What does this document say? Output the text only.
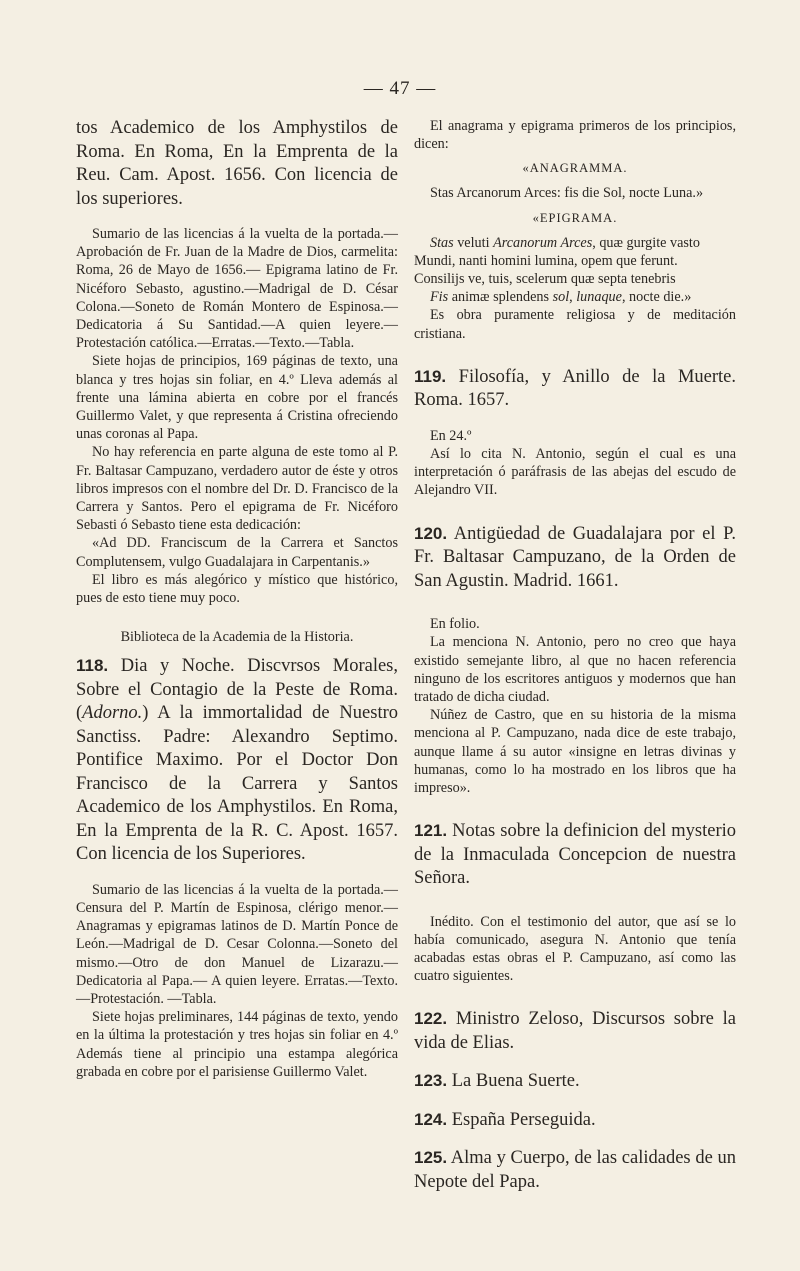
— 47 —

tos Academico de los Amphystilos de Roma. En Roma, En la Emprenta de la Reu. Cam. Apost. 1656. Con licencia de los superiores.

Sumario de las licencias á la vuelta de la portada.—Aprobación de Fr. Juan de la Madre de Dios, carmelita: Roma, 26 de Mayo de 1656.— Epigrama latino de Fr. Nicéforo Sebasto, agustino.—Madrigal de D. César Colona.—Soneto de Román Montero de Espinosa.—Dedicatoria á Su Santidad.—A quien leyere.—Protestación católica.—Erratas.—Texto.—Tabla.

Siete hojas de principios, 169 páginas de texto, una blanca y tres hojas sin foliar, en 4.º Lleva además al frente una lámina abierta en cobre por el francés Guillermo Valet, y que representa á Cristina ofreciendo unas coronas al Papa.

No hay referencia en parte alguna de este tomo al P. Fr. Baltasar Campuzano, verdadero autor de éste y otros libros impresos con el nombre del Dr. D. Francisco de la Carrera y Santos. Pero el epigrama de Fr. Nicéforo Sebasti ó Sebasto tiene esta dedicación:

«Ad DD. Franciscum de la Carrera et Sanctos Complutensem, vulgo Guadalajara in Carpentanis.»

El libro es más alegórico y místico que histórico, pues de esto tiene muy poco.

Biblioteca de la Academia de la Historia.

118. Dia y Noche. Discvrsos Morales, Sobre el Contagio de la Peste de Roma. (Adorno.) A la immortalidad de Nuestro Sanctiss. Padre: Alexandro Septimo. Pontifice Maximo. Por el Doctor Don Francisco de la Carrera y Santos Academico de los Amphystilos. En Roma, En la Emprenta de la R. C. Apost. 1657. Con licencia de los Superiores.

Sumario de las licencias á la vuelta de la portada.—Censura del P. Martín de Espinosa, clérigo menor.—Anagramas y epigramas latinos de D. Martín Ponce de León.—Madrigal de D. Cesar Colonna.—Soneto del mismo.—Otro de don Manuel de Lizarazu.—Dedicatoria al Papa.— A quien leyere. Erratas.—Texto.—Protestación. —Tabla.

Siete hojas preliminares, 144 páginas de texto, yendo en la última la protestación y tres hojas sin foliar en 4.º Además tiene al principio una estampa alegórica grabada en cobre por el parisiense Guillermo Valet.

El anagrama y epigrama primeros de los principios, dicen:

«ANAGRAMMA.

Stas Arcanorum Arces: fis die Sol, nocte Luna.»

«EPIGRAMA.

Stas veluti Arcanorum Arces, quæ gurgite vasto

Mundi, nanti homini lumina, opem que ferunt.

Consilijs ve, tuis, scelerum quæ septa tenebris

Fis animæ splendens sol, lunaque, nocte die.»

Es obra puramente religiosa y de meditación cristiana.

119. Filosofía, y Anillo de la Muerte. Roma. 1657.

En 24.º

Así lo cita N. Antonio, según el cual es una interpretación ó paráfrasis de las abejas del escudo de Alejandro VII.

120. Antigüedad de Guadalajara por el P. Fr. Baltasar Campuzano, de la Orden de San Agustin. Madrid. 1661.

En folio.

La menciona N. Antonio, pero no creo que haya existido semejante libro, al que no hacen referencia ninguno de los escritores antiguos y modernos que han tratado de dicha ciudad.

Núñez de Castro, que en su historia de la misma menciona al P. Campuzano, nada dice de este trabajo, aunque llame á su autor «insigne en letras divinas y humanas, como lo ha mostrado en los libros que ha impreso».

121. Notas sobre la definicion del mysterio de la Inmaculada Concepcion de nuestra Señora.

Inédito. Con el testimonio del autor, que así se lo había comunicado, asegura N. Antonio que tenía acabadas estas obras el P. Campuzano, así como las cuatro siguientes.

122. Ministro Zeloso, Discursos sobre la vida de Elias.

123. La Buena Suerte.

124. España Perseguida.

125. Alma y Cuerpo, de las calidades de un Nepote del Papa.
